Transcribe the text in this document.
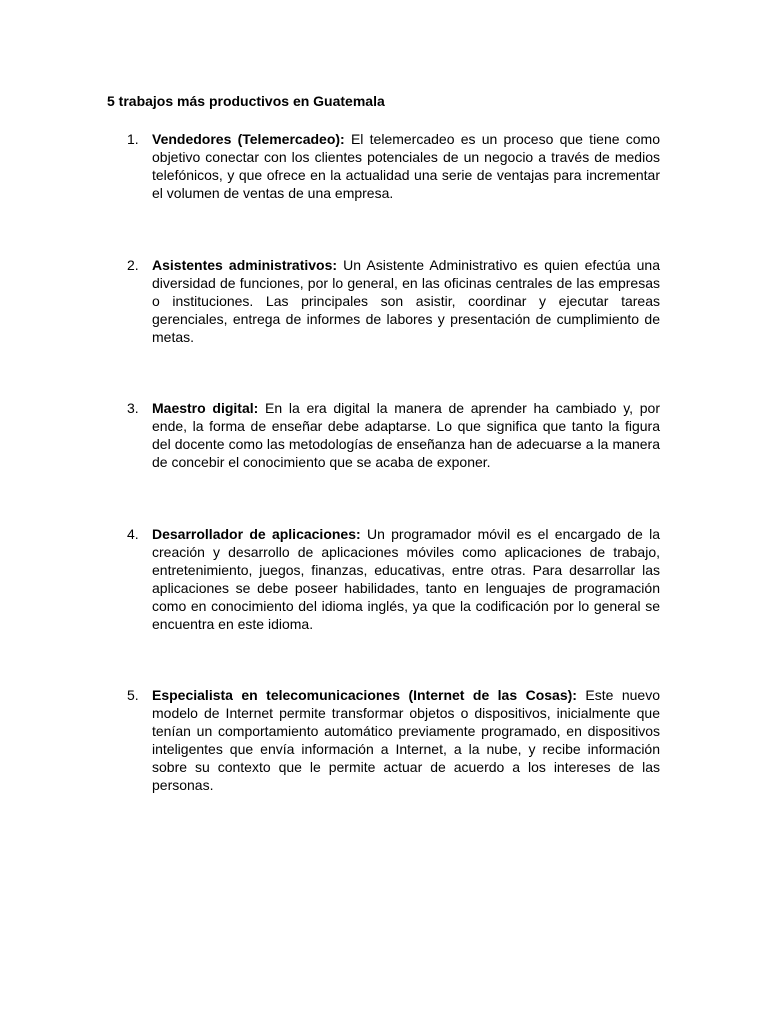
5 trabajos más productivos en Guatemala
1. Vendedores (Telemercadeo): El telemercadeo es un proceso que tiene como objetivo conectar con los clientes potenciales de un negocio a través de medios telefónicos, y que ofrece en la actualidad una serie de ventajas para incrementar el volumen de ventas de una empresa.

2. Asistentes administrativos: Un Asistente Administrativo es quien efectúa una diversidad de funciones, por lo general, en las oficinas centrales de las empresas o instituciones. Las principales son asistir, coordinar y ejecutar tareas gerenciales, entrega de informes de labores y presentación de cumplimiento de metas.

3. Maestro digital: En la era digital la manera de aprender ha cambiado y, por ende, la forma de enseñar debe adaptarse. Lo que significa que tanto la figura del docente como las metodologías de enseñanza han de adecuarse a la manera de concebir el conocimiento que se acaba de exponer.

4. Desarrollador de aplicaciones: Un programador móvil es el encargado de la creación y desarrollo de aplicaciones móviles como aplicaciones de trabajo, entretenimiento, juegos, finanzas, educativas, entre otras. Para desarrollar las aplicaciones se debe poseer habilidades, tanto en lenguajes de programación como en conocimiento del idioma inglés, ya que la codificación por lo general se encuentra en este idioma.

5. Especialista en telecomunicaciones (Internet de las Cosas): Este nuevo modelo de Internet permite transformar objetos o dispositivos, inicialmente que tenían un comportamiento automático previamente programado, en dispositivos inteligentes que envía información a Internet, a la nube, y recibe información sobre su contexto que le permite actuar de acuerdo a los intereses de las personas.
